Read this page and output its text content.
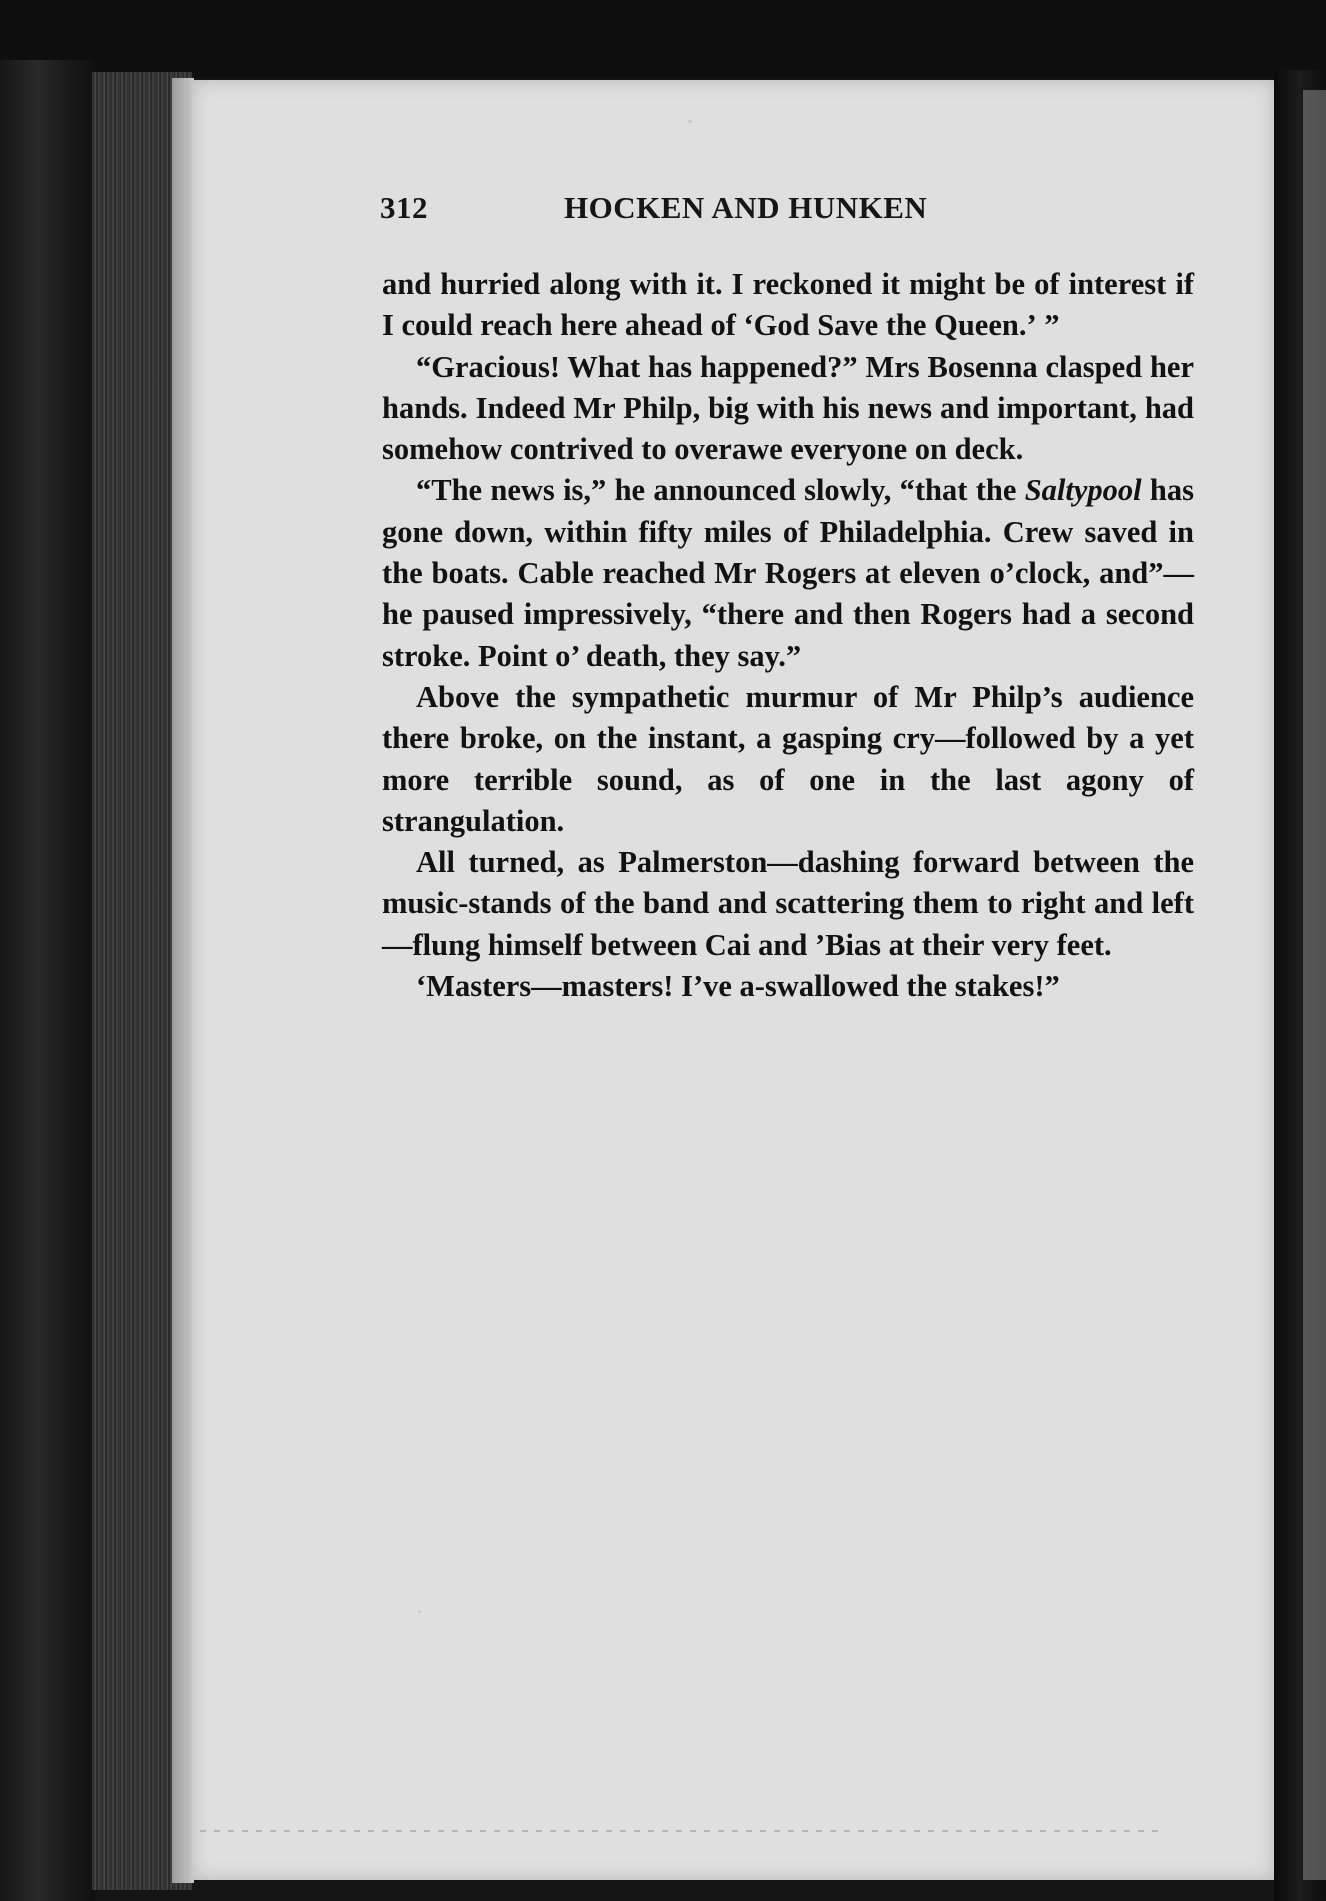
312	HOCKEN AND HUNKEN

and hurried along with it. I reckoned it might be of interest if I could reach here ahead of ‘God Save the Queen.’ ”

“Gracious! What has happened?” Mrs Bosenna clasped her hands. Indeed Mr Philp, big with his news and important, had somehow contrived to overawe everyone on deck.

“The news is,” he announced slowly, “that the Saltypool has gone down, within fifty miles of Philadelphia. Crew saved in the boats. Cable reached Mr Rogers at eleven o’clock, and”—he paused impressively, “there and then Rogers had a second stroke. Point o’ death, they say.”

Above the sympathetic murmur of Mr Philp’s audience there broke, on the instant, a gasping cry—followed by a yet more terrible sound, as of one in the last agony of strangulation.

All turned, as Palmerston—dashing forward between the music-stands of the band and scattering them to right and left—flung himself between Cai and ’Bias at their very feet.

‘Masters—masters! I’ve a-swallowed the stakes!”
